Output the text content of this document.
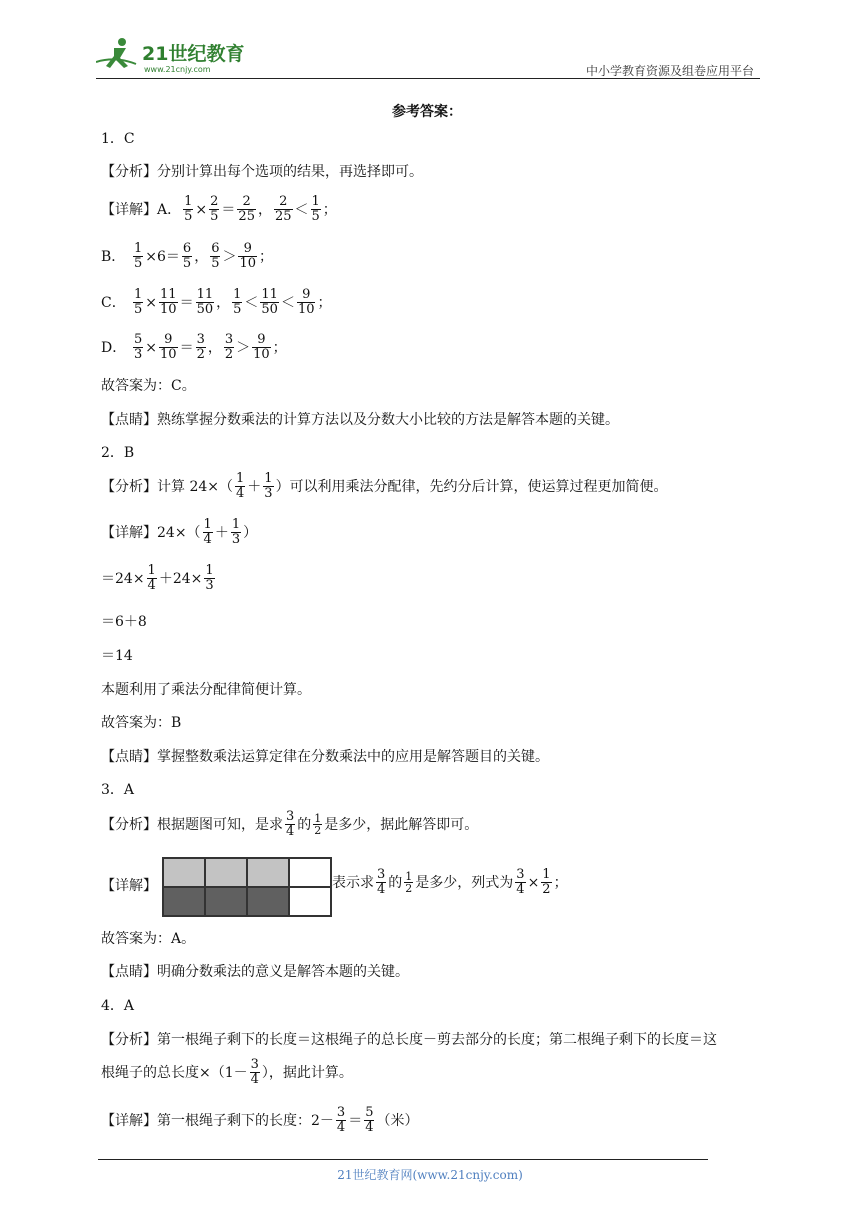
21世纪教育
www.21cnjy.com	中小学教育资源及组卷应用平台
参考答案：
1．C
【分析】分别计算出每个选项的结果，再选择即可。
【详解】A． $\frac{1}{5} \times \frac{2}{5} = \frac{2}{25}$ ， $\frac{2}{25} < \frac{1}{5}$ ；
B． $\frac{1}{5} \times 6= \frac{6}{5}$ ， $\frac{6}{5} > \frac{9}{10}$ ；
C． $\frac{1}{5} \times \frac{11}{10} = \frac{11}{50}$ ， $\frac{1}{5} < \frac{11}{50} < \frac{9}{10}$ ；
D． $\frac{5}{3} \times \frac{9}{10} = \frac{3}{2}$ ， $\frac{3}{2} > \frac{9}{10}$ ；
故答案为：C。
【点睛】熟练掌握分数乘法的计算方法以及分数大小比较的方法是解答本题的关键。
2．B
【分析】计算 $24\times( \frac{1}{4} + \frac{1}{3}$ ）可以利用乘法分配律，先约分后计算，使运算过程更加简便。
【详解】$24\times( \frac{1}{4} + \frac{1}{3}$ ）
$=24\times \frac{1}{4} +24\times \frac{1}{3}$
＝6＋8
＝14
本题利用了乘法分配律简便计算。
故答案为：B
【点睛】掌握整数乘法运算定律在分数乘法中的应用是解答题目的关键。
3．A
【分析】根据题图可知，是求 $\frac{3}{4}$ 的 $\frac{1}{2}$ 是多少，据此解答即可。
【详解】	表示求 $\frac{3}{4}$ 的 $\frac{1}{2}$ 是多少，列式为 $\frac{3}{4} \times \frac{1}{2}$ ；
故答案为：A。
【点睛】明确分数乘法的意义是解答本题的关键。
4．A
【分析】第一根绳子剩下的长度＝这根绳子的总长度－剪去部分的长度；第二根绳子剩下的长度＝这
根绳子的总长度$\times(1- \frac{3}{4}$ ），据此计算。
【详解】第一根绳子剩下的长度：$2- \frac{3}{4} = \frac{5}{4}$ （米）
21世纪教育网(www.21cnjy.com)
